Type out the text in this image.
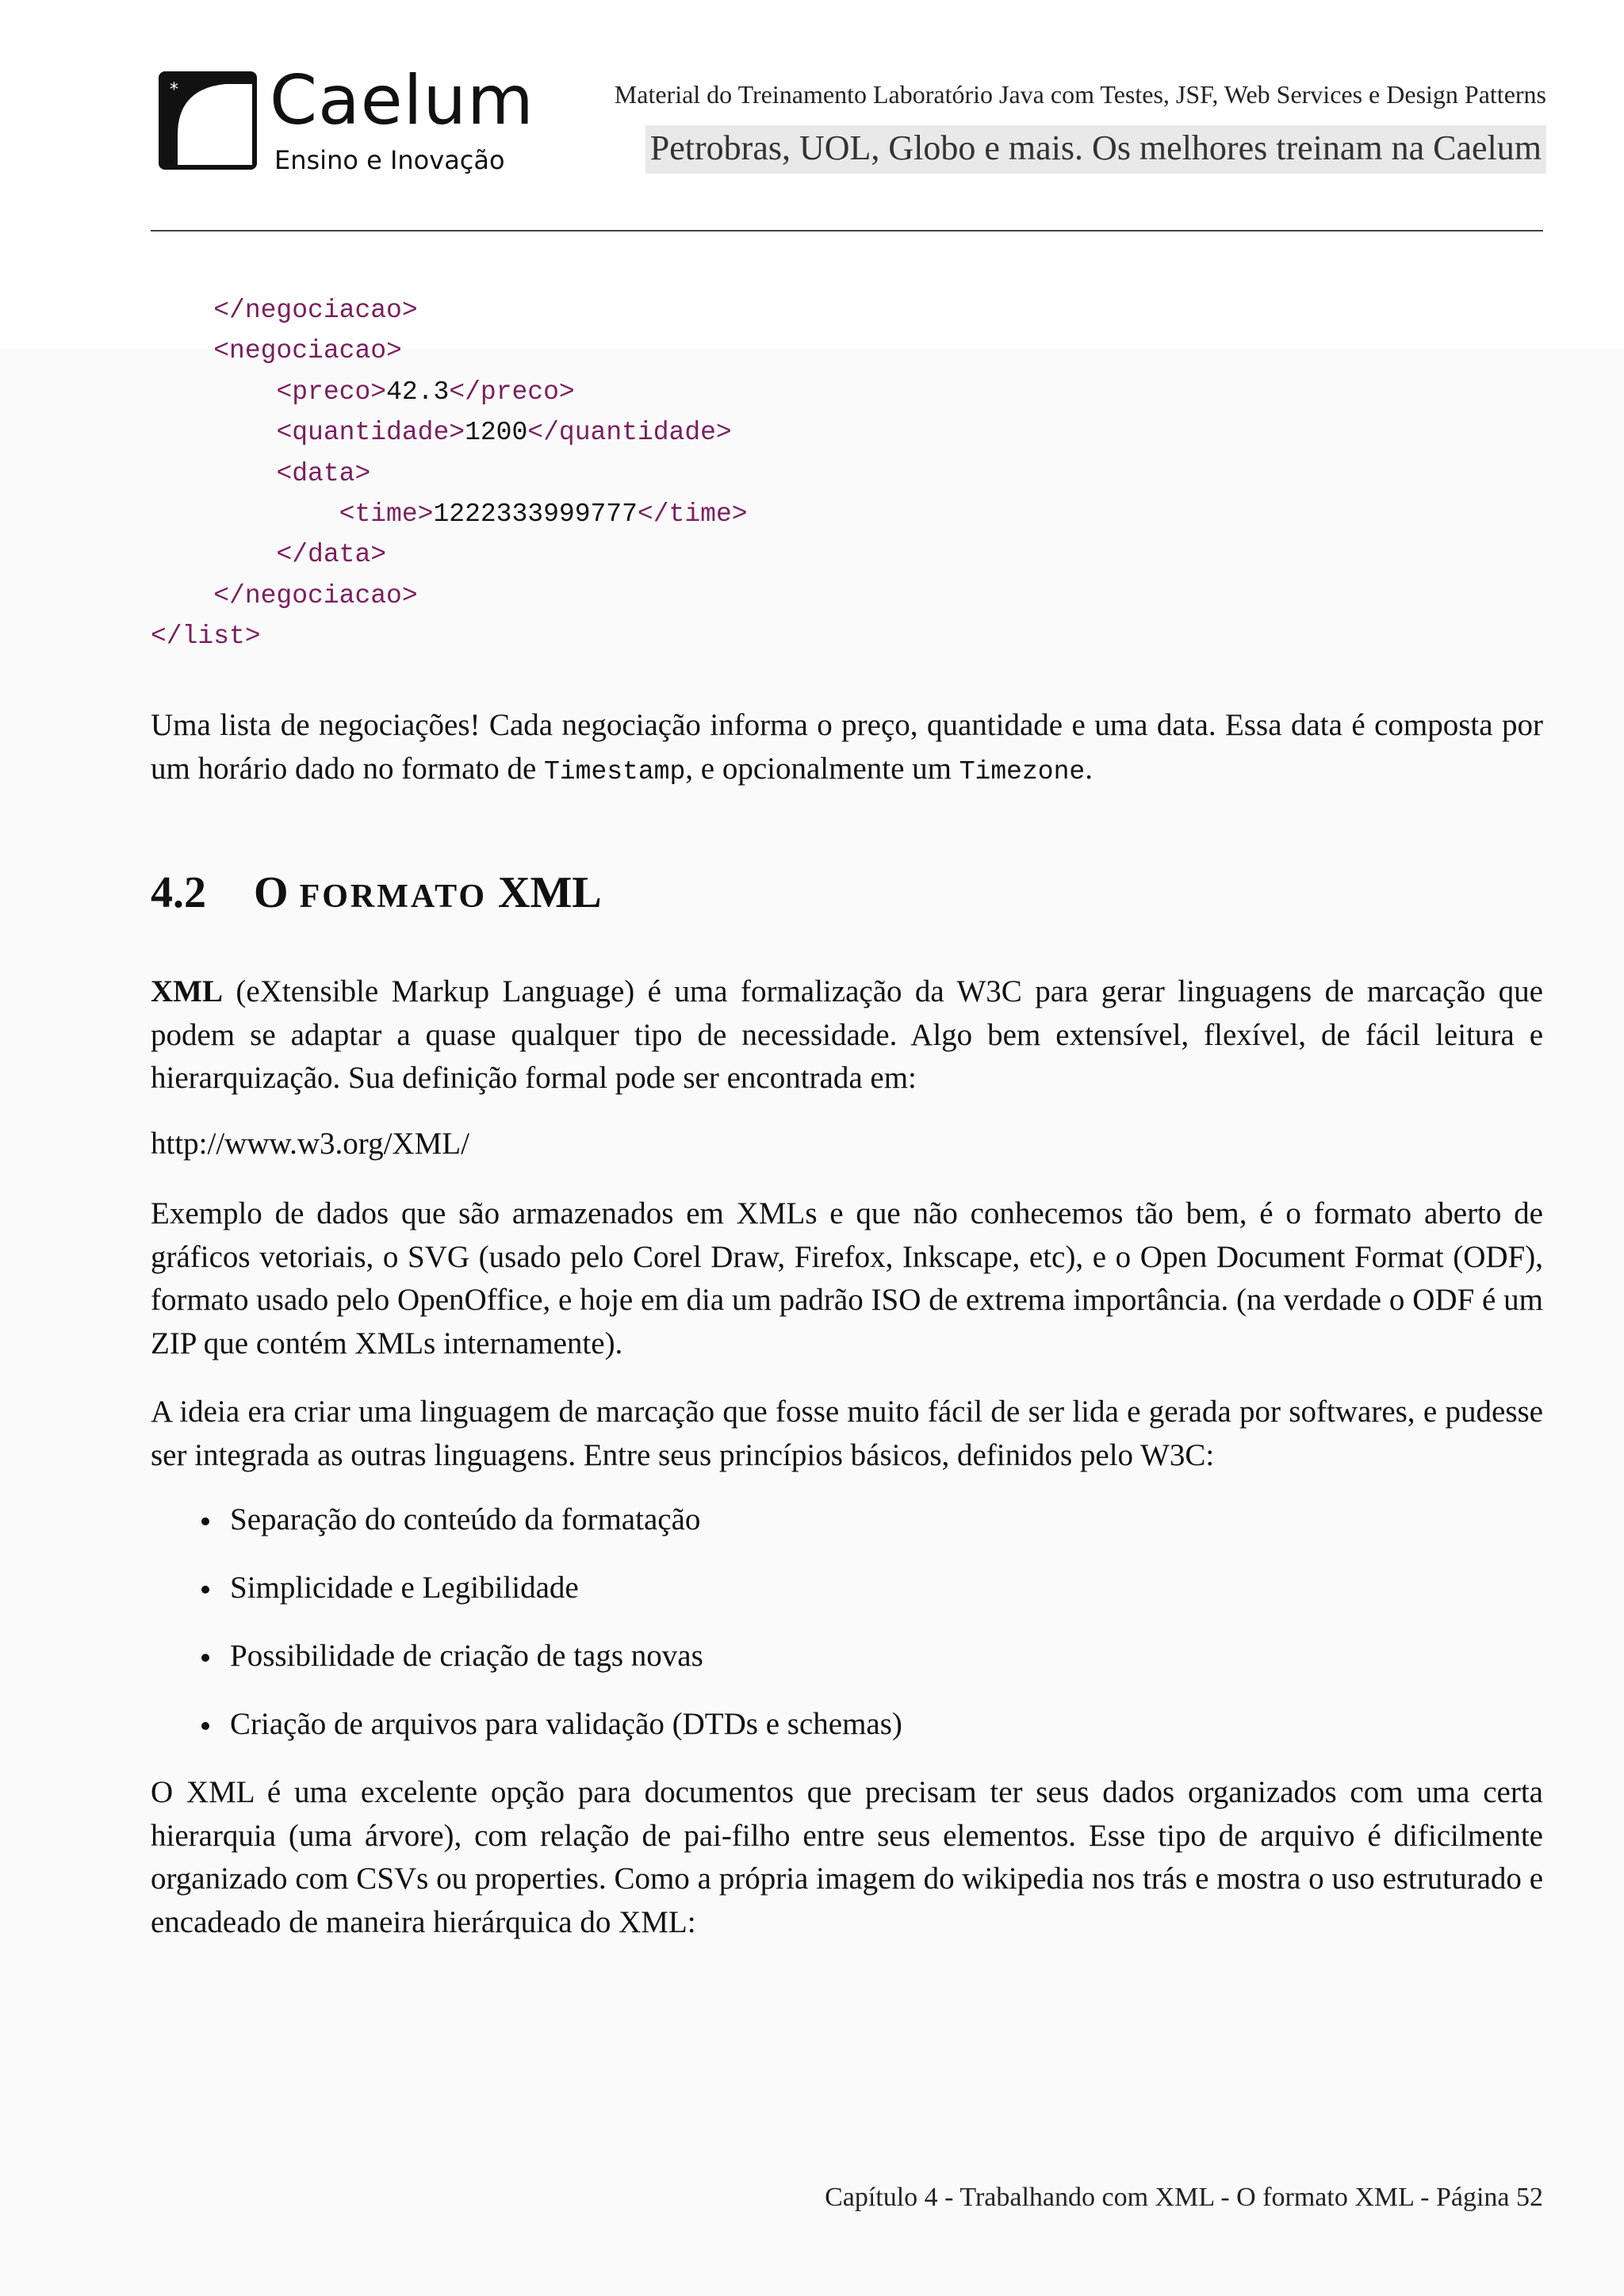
* Caelum
Ensino e Inovação
Material do Treinamento Laboratório Java com Testes, JSF, Web Services e Design Patterns
Petrobras, UOL, Globo e mais. Os melhores treinam na Caelum
</negociacao>
<negociacao>
<preco>42.3</preco>
<quantidade>1200</quantidade>
<data>
<time>1222333999777</time>
</data>
</negociacao>
</list>
Uma lista de negociações! Cada negociação informa o preço, quantidade e uma data. Essa data é composta por um horário dado no formato de Timestamp, e opcionalmente um Timezone.
4.2 O FORMATO XML
XML (eXtensible Markup Language) é uma formalização da W3C para gerar linguagens de marcação que podem se adaptar a quase qualquer tipo de necessidade. Algo bem extensível, flexível, de fácil leitura e hierarquização. Sua definição formal pode ser encontrada em:
http://www.w3.org/XML/
Exemplo de dados que são armazenados em XMLs e que não conhecemos tão bem, é o formato aberto de gráficos vetoriais, o SVG (usado pelo Corel Draw, Firefox, Inkscape, etc), e o Open Document Format (ODF), formato usado pelo OpenOffice, e hoje em dia um padrão ISO de extrema importância. (na verdade o ODF é um ZIP que contém XMLs internamente).
A ideia era criar uma linguagem de marcação que fosse muito fácil de ser lida e gerada por softwares, e pudesse ser integrada as outras linguagens. Entre seus princípios básicos, definidos pelo W3C:
Separação do conteúdo da formatação
Simplicidade e Legibilidade
Possibilidade de criação de tags novas
Criação de arquivos para validação (DTDs e schemas)
O XML é uma excelente opção para documentos que precisam ter seus dados organizados com uma certa hierarquia (uma árvore), com relação de pai-filho entre seus elementos. Esse tipo de arquivo é dificilmente organizado com CSVs ou properties. Como a própria imagem do wikipedia nos trás e mostra o uso estruturado e encadeado de maneira hierárquica do XML:
Capítulo 4 - Trabalhando com XML - O formato XML - Página 52
